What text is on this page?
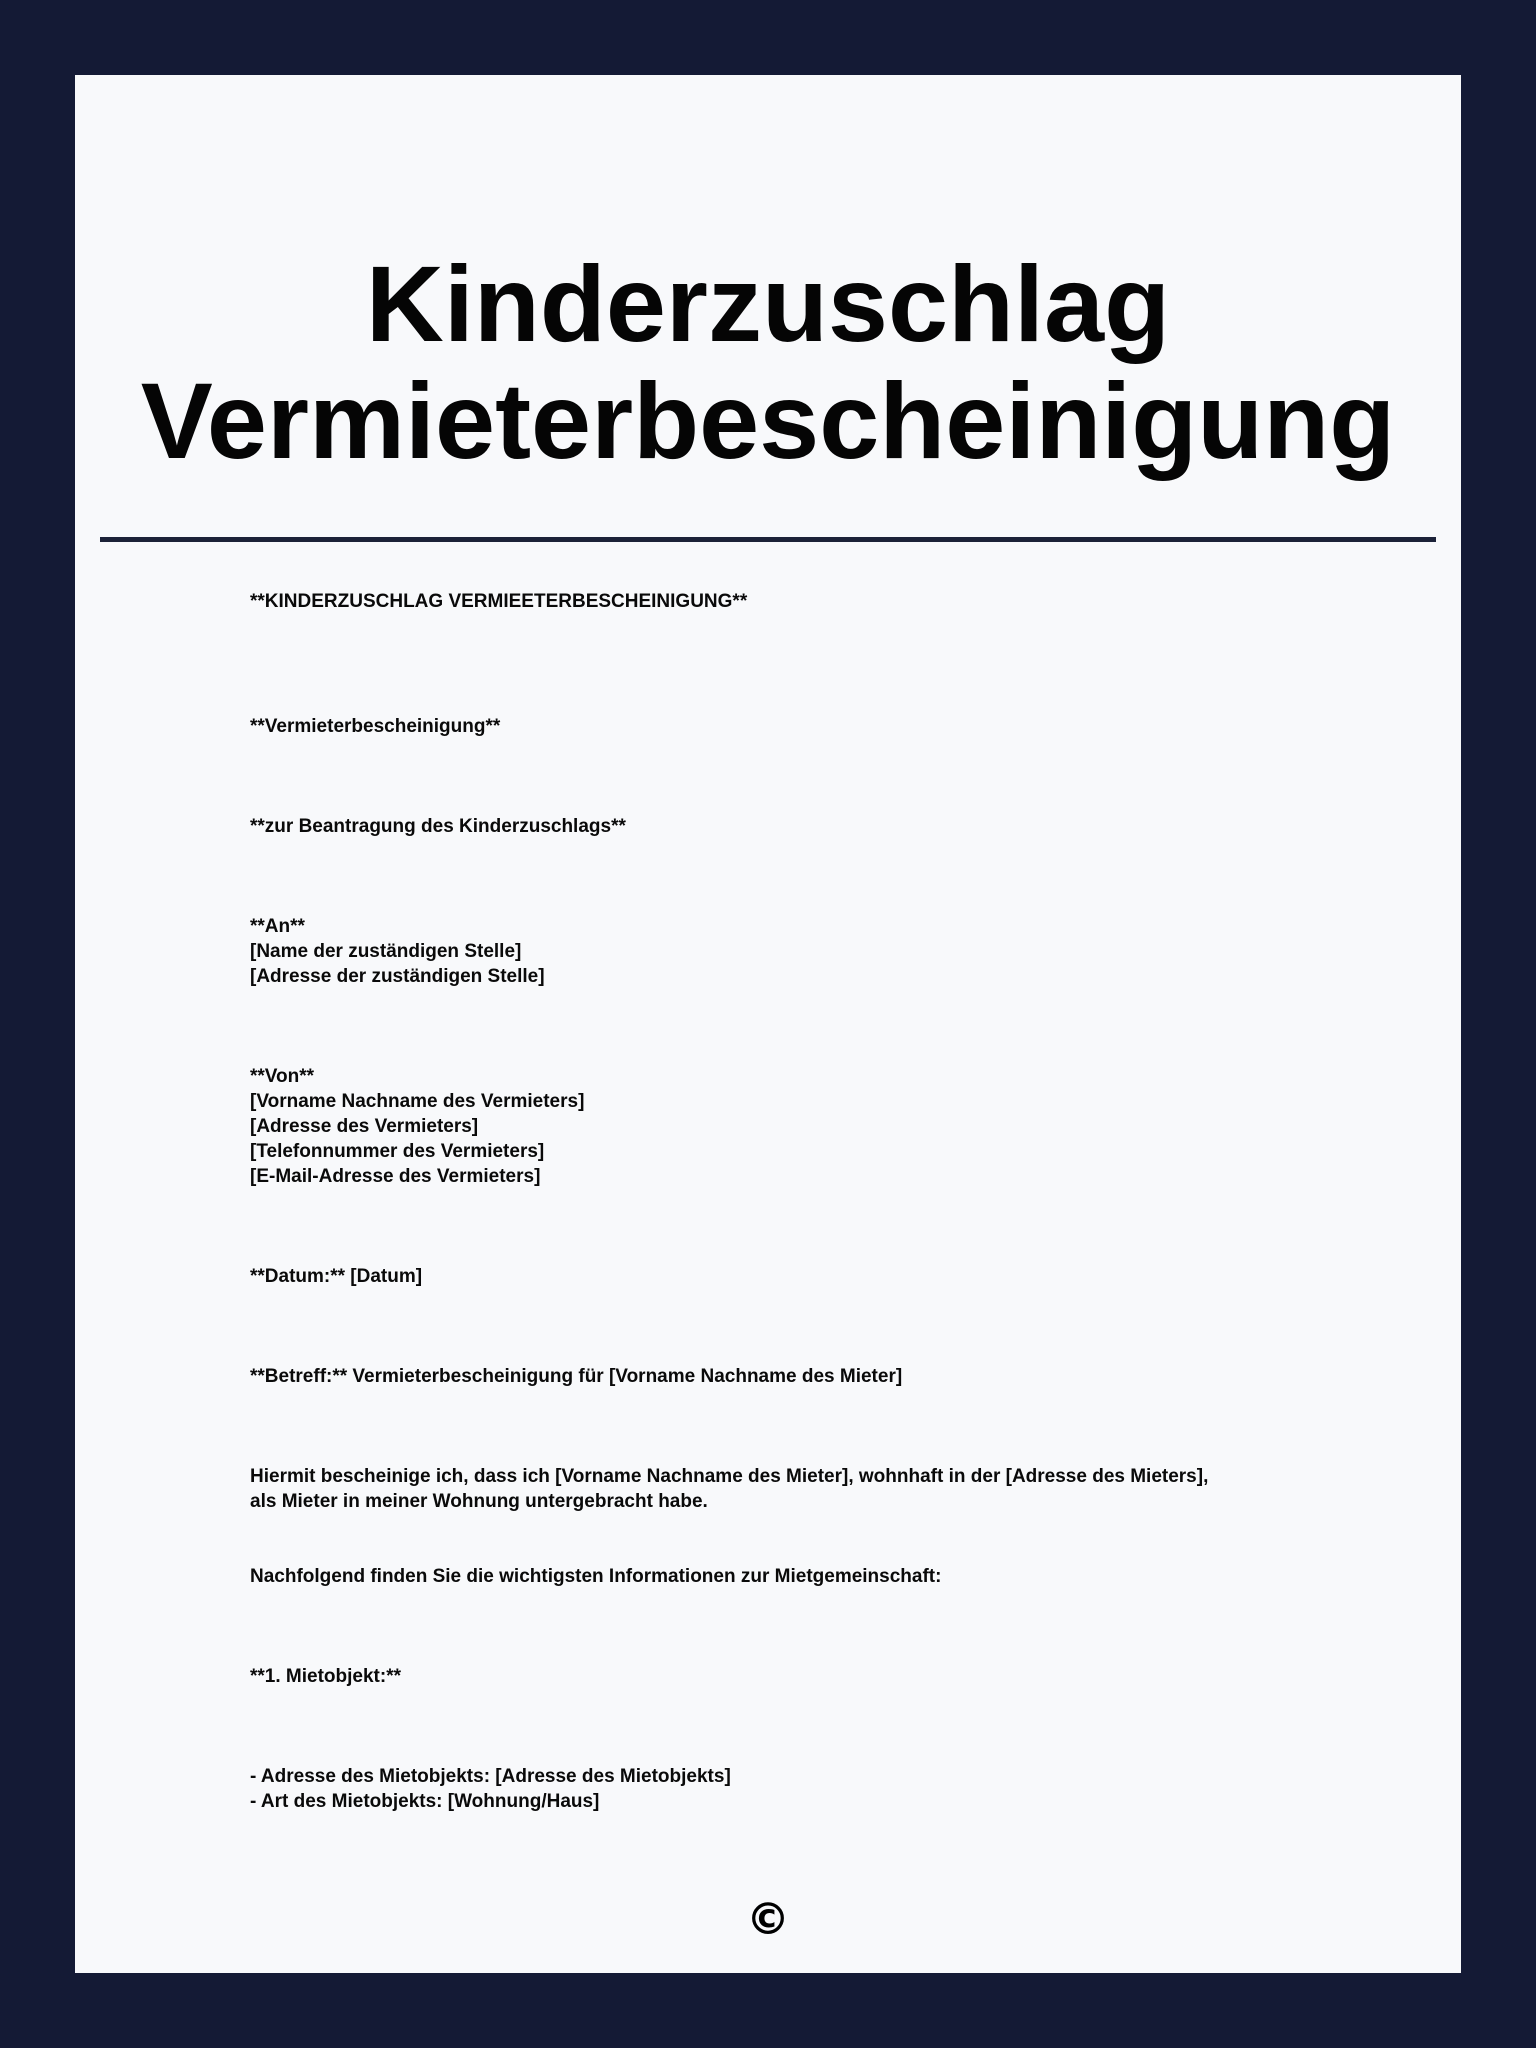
Kinderzuschlag
Vermieterbescheinigung

**KINDERZUSCHLAG VERMIEETERBESCHEINIGUNG**

**Vermieterbescheinigung**

**zur Beantragung des Kinderzuschlags**

**An**
[Name der zuständigen Stelle]
[Adresse der zuständigen Stelle]

**Von**
[Vorname Nachname des Vermieters]
[Adresse des Vermieters]
[Telefonnummer des Vermieters]
[E-Mail-Adresse des Vermieters]

**Datum:** [Datum]

**Betreff:** Vermieterbescheinigung für [Vorname Nachname des Mieter]

Hiermit bescheinige ich, dass ich [Vorname Nachname des Mieter], wohnhaft in der [Adresse des Mieters],
als Mieter in meiner Wohnung untergebracht habe.

Nachfolgend finden Sie die wichtigsten Informationen zur Mietgemeinschaft:

**1. Mietobjekt:**

- Adresse des Mietobjekts: [Adresse des Mietobjekts]
- Art des Mietobjekts: [Wohnung/Haus]

©
